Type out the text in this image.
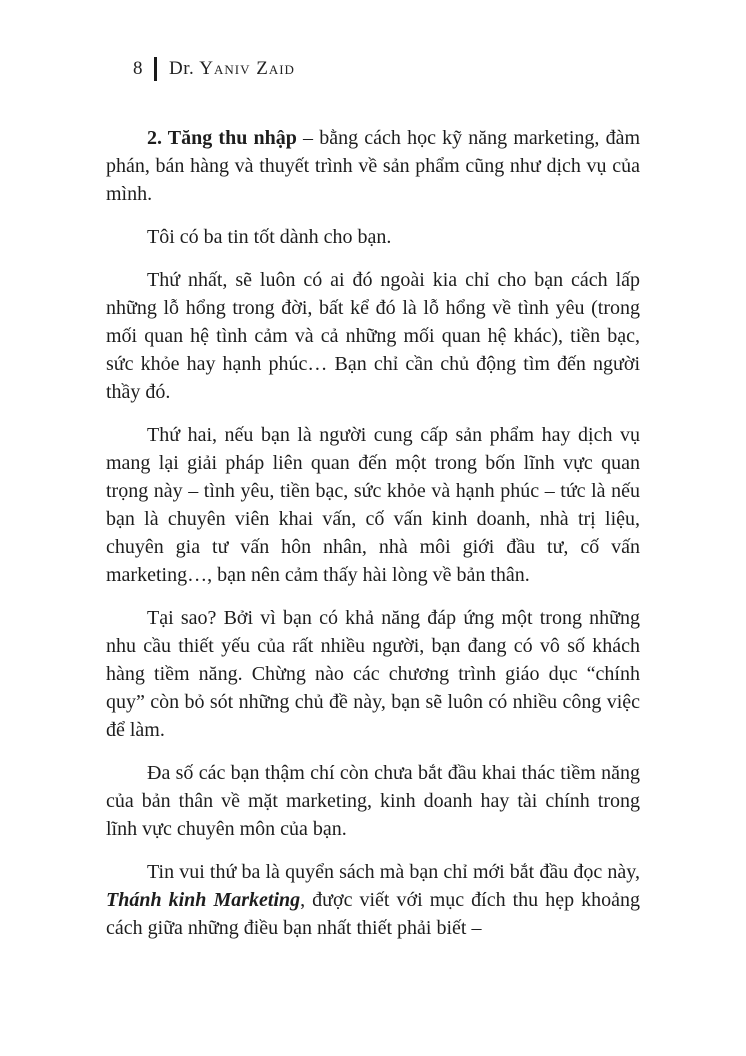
8 Dr. Yaniv Zaid

2. Tăng thu nhập – bằng cách học kỹ năng marketing, đàm phán, bán hàng và thuyết trình về sản phẩm cũng như dịch vụ của mình.

Tôi có ba tin tốt dành cho bạn.

Thứ nhất, sẽ luôn có ai đó ngoài kia chỉ cho bạn cách lấp những lỗ hổng trong đời, bất kể đó là lỗ hổng về tình yêu (trong mối quan hệ tình cảm và cả những mối quan hệ khác), tiền bạc, sức khỏe hay hạnh phúc… Bạn chỉ cần chủ động tìm đến người thầy đó.

Thứ hai, nếu bạn là người cung cấp sản phẩm hay dịch vụ mang lại giải pháp liên quan đến một trong bốn lĩnh vực quan trọng này – tình yêu, tiền bạc, sức khỏe và hạnh phúc – tức là nếu bạn là chuyên viên khai vấn, cố vấn kinh doanh, nhà trị liệu, chuyên gia tư vấn hôn nhân, nhà môi giới đầu tư, cố vấn marketing…, bạn nên cảm thấy hài lòng về bản thân.

Tại sao? Bởi vì bạn có khả năng đáp ứng một trong những nhu cầu thiết yếu của rất nhiều người, bạn đang có vô số khách hàng tiềm năng. Chừng nào các chương trình giáo dục “chính quy” còn bỏ sót những chủ đề này, bạn sẽ luôn có nhiều công việc để làm.

Đa số các bạn thậm chí còn chưa bắt đầu khai thác tiềm năng của bản thân về mặt marketing, kinh doanh hay tài chính trong lĩnh vực chuyên môn của bạn.

Tin vui thứ ba là quyển sách mà bạn chỉ mới bắt đầu đọc này, Thánh kinh Marketing, được viết với mục đích thu hẹp khoảng cách giữa những điều bạn nhất thiết phải biết –
